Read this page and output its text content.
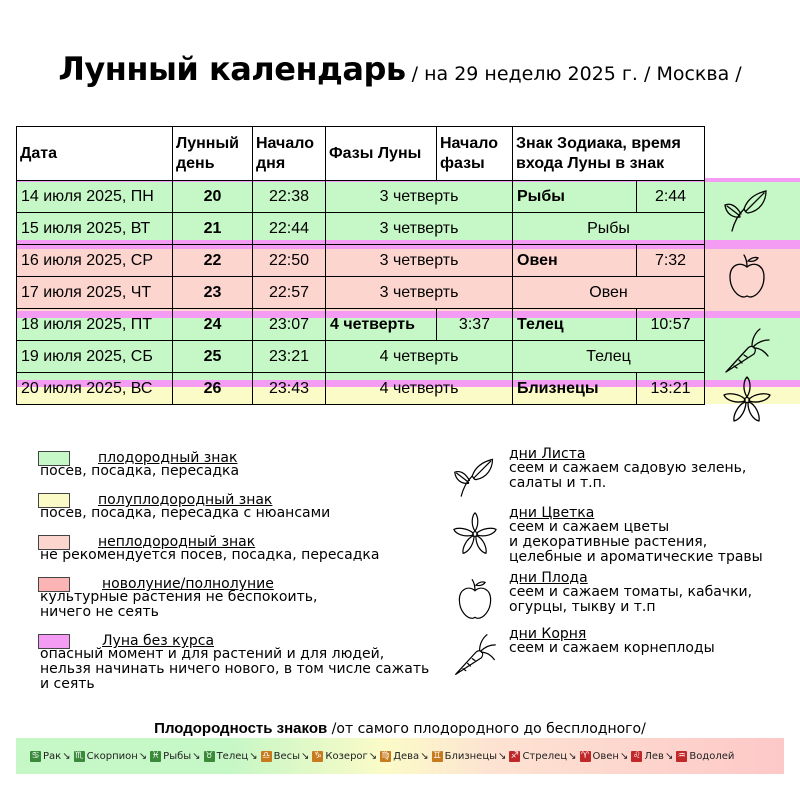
Лунный календарь / на 29 неделю 2025 г. / Москва /
Дата	Лунный день	Начало дня	Фазы Луны	Начало фазы	Знак Зодиака, время входа Луны в знак	
14 июля 2025, ПН	20	22:38	3 четверть		Рыбы	2:44
15 июля 2025, ВТ	21	22:44	3 четверть		Рыбы	
16 июля 2025, СР	22	22:50	3 четверть		Овен	7:32
17 июля 2025, ЧТ	23	22:57	3 четверть		Овен	
18 июля 2025, ПТ	24	23:07	4 четверть	3:37	Телец	10:57
19 июля 2025, СБ	25	23:21	4 четверть		Телец	
20 июля 2025, ВС	26	23:43	4 четверть		Близнецы	13:21
плодородный знак
посев, посадка, пересадка
полуплодородный знак
посев, посадка, пересадка с нюансами
неплодородный знак
не рекомендуется посев, посадка, пересадка
новолуние/полнолуние
культурные растения не беспокоить,
ничего не сеять
Луна без курса
опасный момент и для растений и для людей,
нельзя начинать ничего нового, в том числе сажать
и сеять
дни Листа
сеем и сажаем садовую зелень,
салаты и т.п.
дни Цветка
сеем и сажаем цветы
и декоративные растения,
целебные и ароматические травы
дни Плода
сеем и сажаем томаты, кабачки,
огурцы, тыкву и т.п
дни Корня
сеем и сажаем корнеплоды
Плодородность знаков /от самого плодородного до бесплодного/
♋ Рак ↘ ♏ Скорпион ↘ ♓ Рыбы ↘ ♉ Телец ↘ ♎ Весы ↘ ♑ Козерог ↘ ♍ Дева ↘ ♊ Близнецы ↘ ♐ Стрелец ↘ ♈ Овен ↘ ♌ Лев ↘ ♒ Водолей
